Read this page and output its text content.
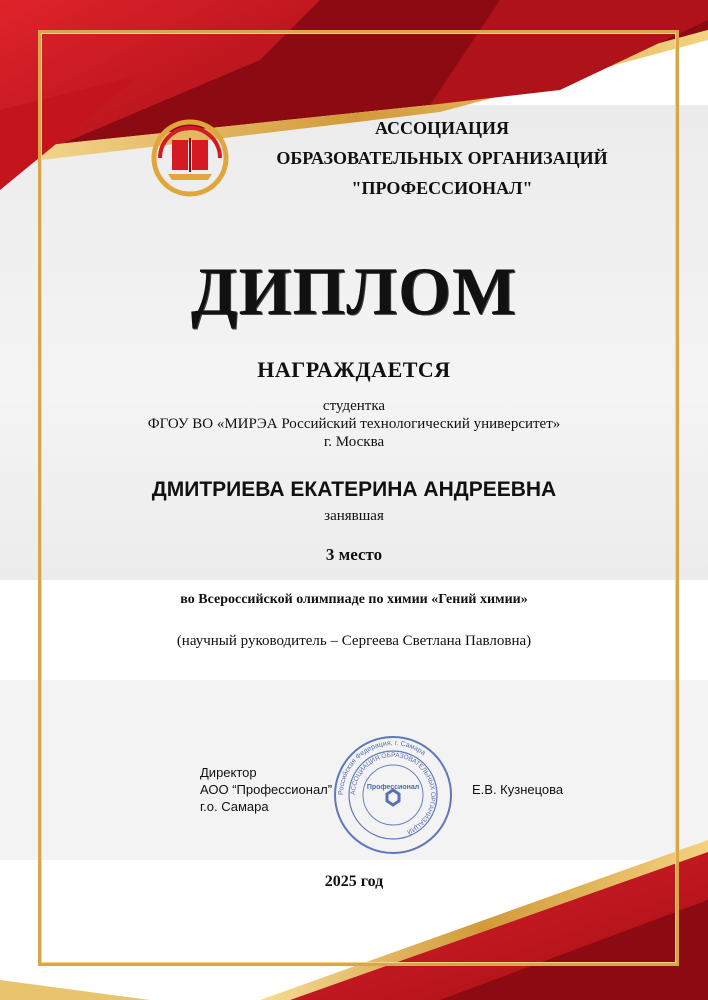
АССОЦИАЦИЯ
ОБРАЗОВАТЕЛЬНЫХ ОРГАНИЗАЦИЙ
"ПРОФЕССИОНАЛ"
ДИПЛОМ
НАГРАЖДАЕТСЯ
студентка
ФГОУ ВО «МИРЭА Российский технологический университет»
г. Москва
ДМИТРИЕВА ЕКАТЕРИНА АНДРЕЕВНА
занявшая
3 место
во Всероссийской олимпиаде по химии «Гений химии»
(научный руководитель – Сергеева Светлана Павловна)
Директор
АОО “Профессионал”
г.о. Самара
Е.В. Кузнецова
Российская Федерация, г. Самара
АССОЦИАЦИЯ ОБРАЗОВАТЕЛЬНЫХ ОРГАНИЗАЦИЙ
Профессионал
2025 год
